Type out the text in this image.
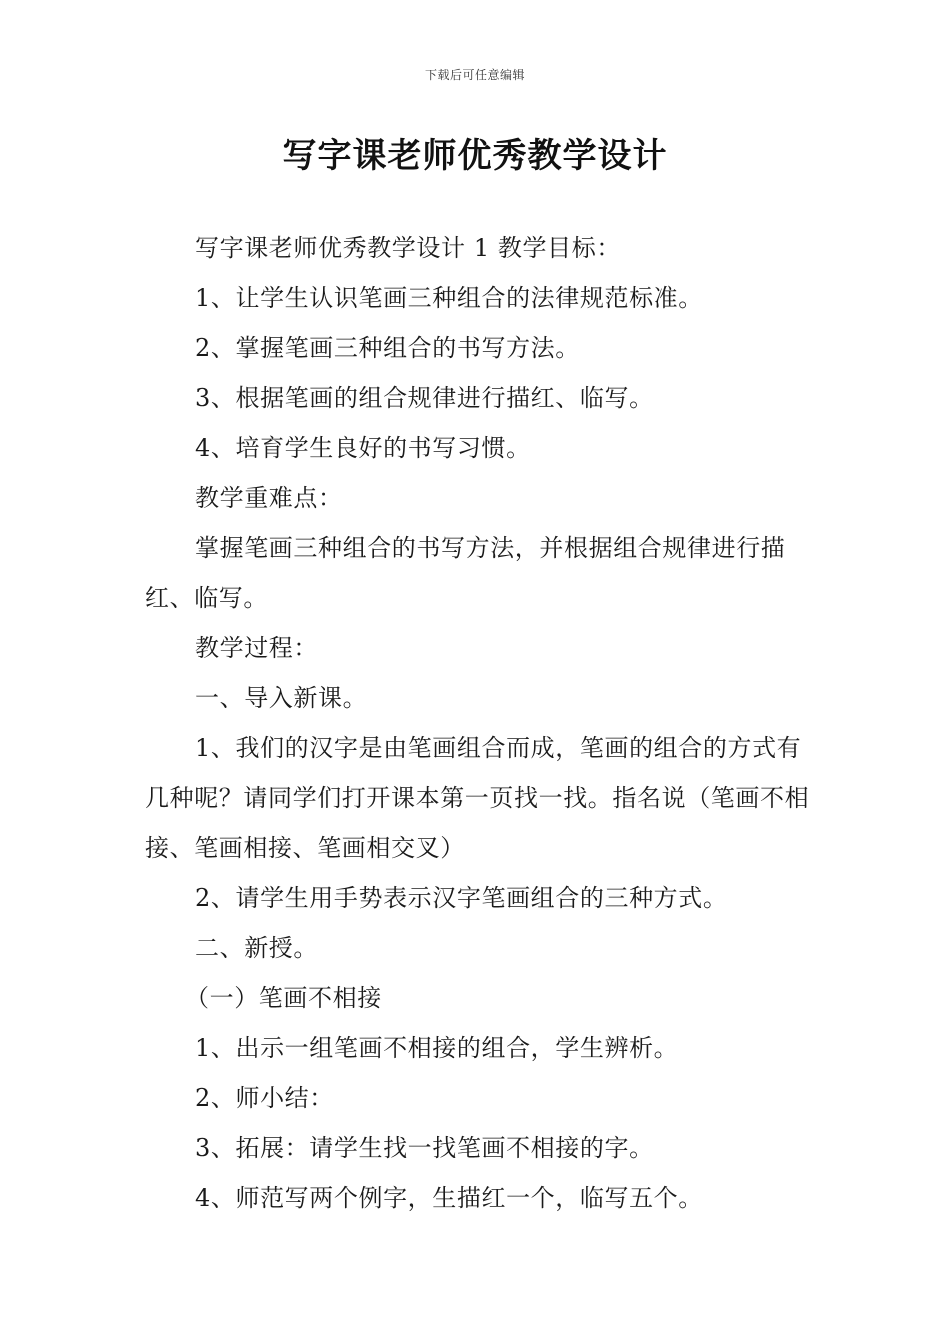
下载后可任意编辑
写字课老师优秀教学设计

写字课老师优秀教学设计 1 教学目标：

1、让学生认识笔画三种组合的法律规范标准。

2、掌握笔画三种组合的书写方法。

3、根据笔画的组合规律进行描红、临写。

4、培育学生良好的书写习惯。

教学重难点：

掌握笔画三种组合的书写方法，并根据组合规律进行描红、临写。

教学过程：

一、导入新课。

1、我们的汉字是由笔画组合而成，笔画的组合的方式有几种呢？请同学们打开课本第一页找一找。指名说（笔画不相接、笔画相接、笔画相交叉）

2、请学生用手势表示汉字笔画组合的三种方式。

二、新授。

（一）笔画不相接

1、出示一组笔画不相接的组合，学生辨析。

2、师小结：

3、拓展：请学生找一找笔画不相接的字。

4、师范写两个例字，生描红一个，临写五个。
